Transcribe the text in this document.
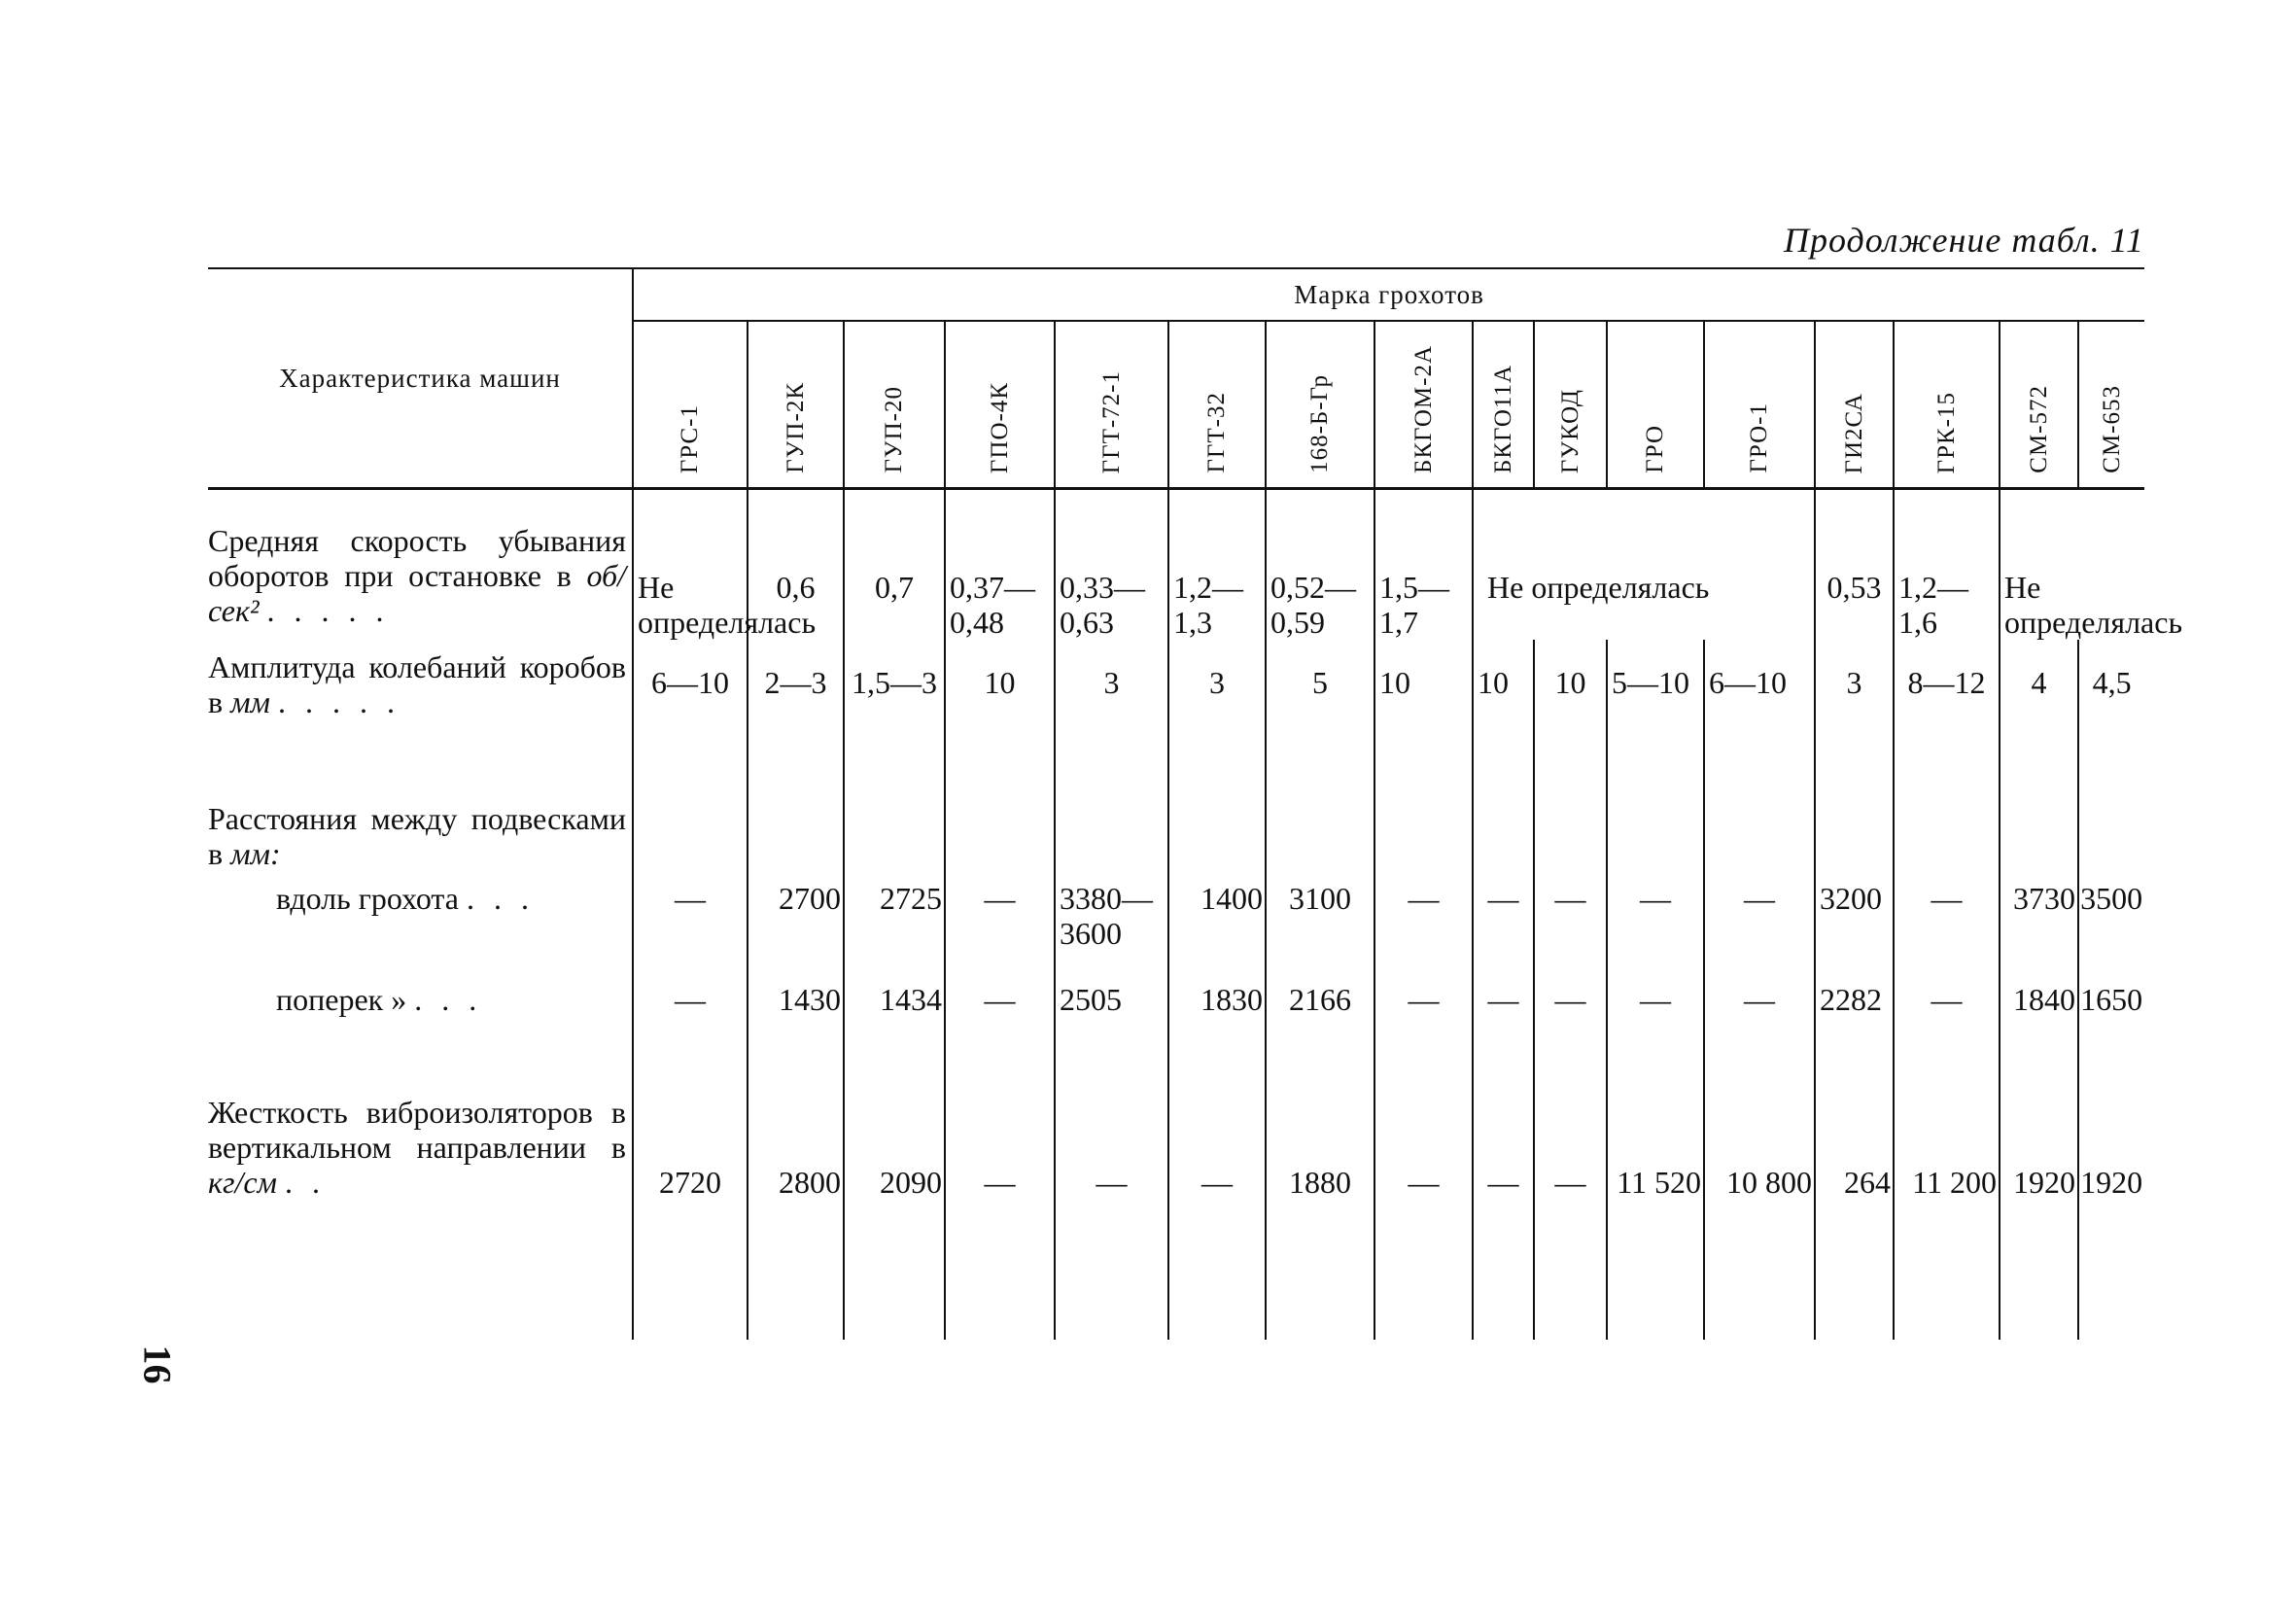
Продолжение табл. 11
Характеристика машин	Марка грохотов															

	ГРС-1	ГУП-2К	ГУП-20	ГПО-4К	ГГТ-72-1	ГГТ-32	168-Б-Гр	БКГОМ-2А	БКГО11А	ГУКОД	ГРО	ГРО-1	ГИ2СА	ГРК-15	СМ-572	СМ-653

Средняя скорость убывания оборотов при остановке в об/сек² . . . . .	Не определялась	0,6	0,7	0,37—0,48	0,33—0,63	1,2—1,3	0,52—0,59	1,5—1,7	Не определялась				0,53	1,2—1,6	Не определялась	
Амплитуда колебаний коробов в мм . . . . .	6—10	2—3	1,5—3	10	3	3	5	10	10	10	5—10	6—10	3	8—12	4	4,5
Расстояния между подвесками в мм:																
вдоль грохота . . .	—	2700	2725	—	3380—3600	1400	3100	—	—	—	—	—	3200	—	3730	3500
поперек » . . .	—	1430	1434	—	2505	1830	2166	—	—	—	—	—	2282	—	1840	1650
Жесткость виброизоляторов в вертикальном направлении в кг/см . .	2720	2800	2090	—	—	—	1880	—	—	—	11 520	10 800	264	11 200	1920	1920
16
